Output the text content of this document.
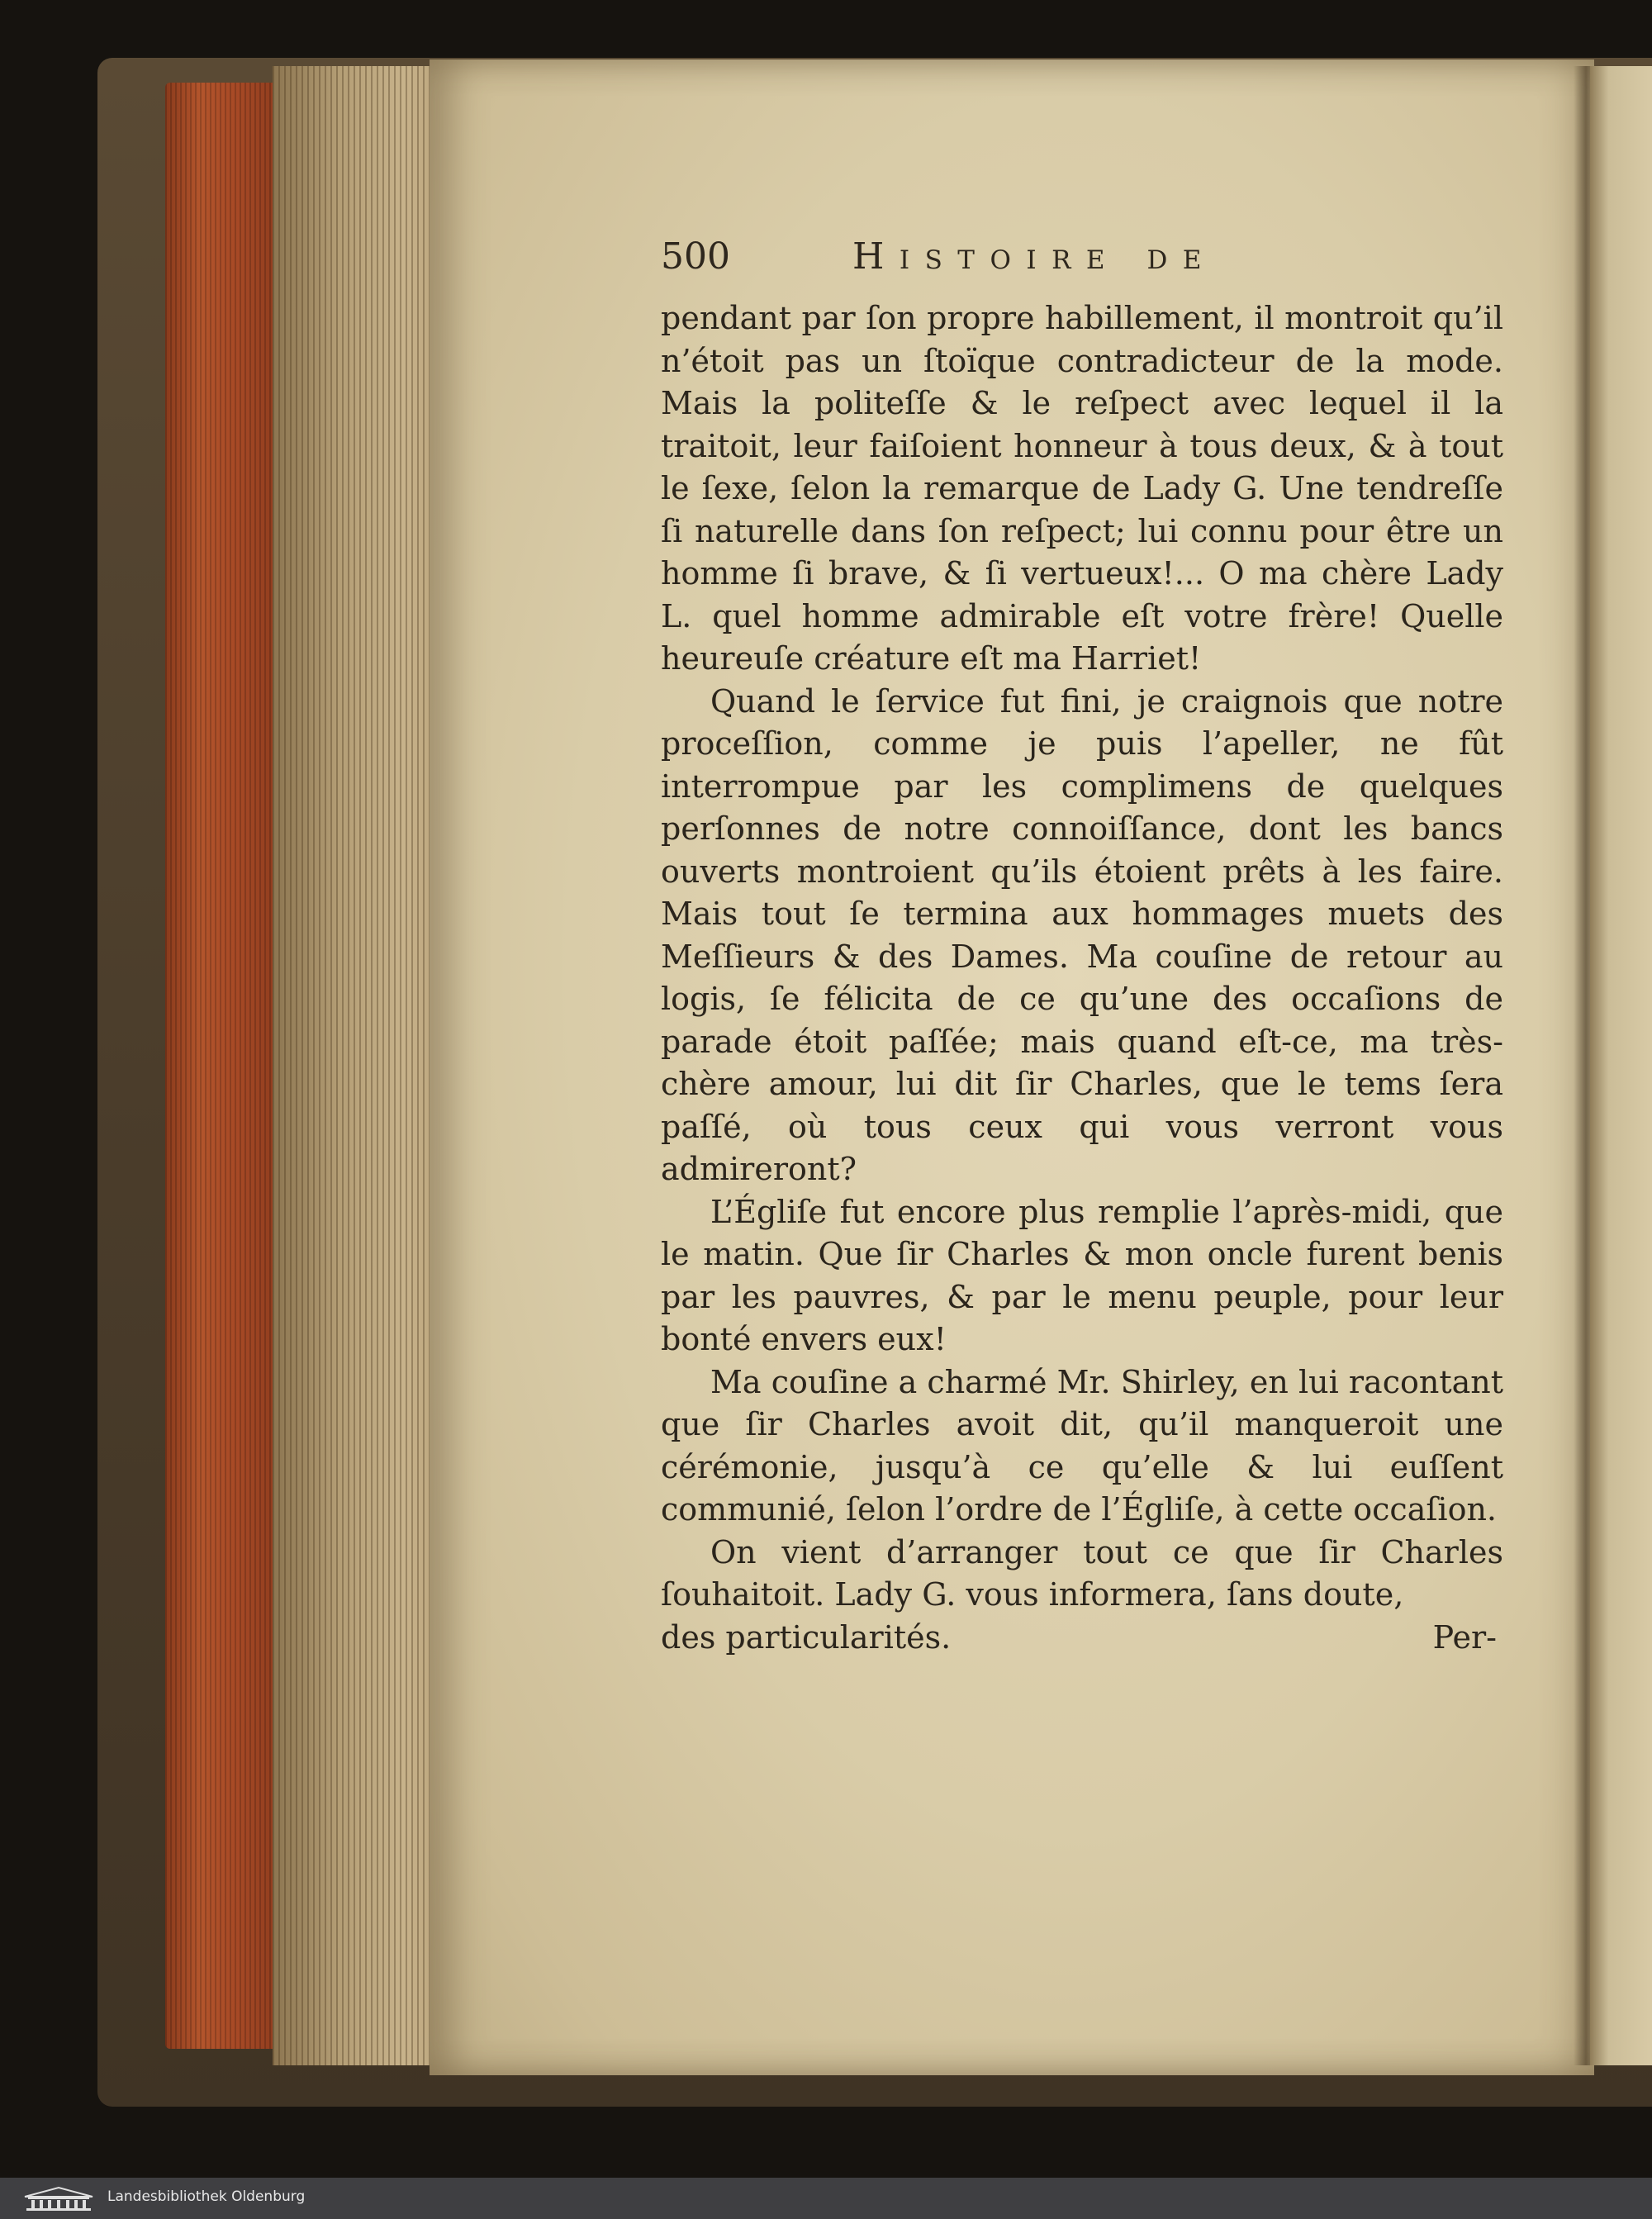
500	Histoire de

pendant par ſon propre habillement, il montroit qu’il n’étoit pas un ſtoïque contradicteur de la mode. Mais la politeſſe & le reſpect avec lequel il la traitoit, leur faiſoient honneur à tous deux, & à tout le ſexe, ſelon la remarque de Lady G. Une tendreſſe ſi naturelle dans ſon reſpect; lui connu pour être un homme ſi brave, & ſi vertueux!... O ma chère Lady L. quel homme admirable eſt votre frère! Quelle heureuſe créature eſt ma Harriet!

Quand le ſervice fut fini, je craignois que notre proceſſion, comme je puis l’apeller, ne fût interrompue par les complimens de quelques perſonnes de notre connoiſſance, dont les bancs ouverts montroient qu’ils étoient prêts à les faire. Mais tout ſe termina aux hommages muets des Meſſieurs & des Dames. Ma couſine de retour au logis, ſe félicita de ce qu’une des occaſions de parade étoit paſſée; mais quand eſt-ce, ma très-chère amour, lui dit ſir Charles, que le tems ſera paſſé, où tous ceux qui vous verront vous admireront?

L’Égliſe fut encore plus remplie l’après-midi, que le matin. Que ſir Charles & mon oncle furent benis par les pauvres, & par le menu peuple, pour leur bonté envers eux!

Ma couſine a charmé Mr. Shirley, en lui racontant que ſir Charles avoit dit, qu’il manqueroit une cérémonie, jusqu’à ce qu’elle & lui euſſent communié, ſelon l’ordre de l’Égliſe, à cette occaſion.

On vient d’arranger tout ce que ſir Charles ſouhaitoit. Lady G. vous informera, ſans doute,

des particularités.	Per-
Landesbibliothek Oldenburg
